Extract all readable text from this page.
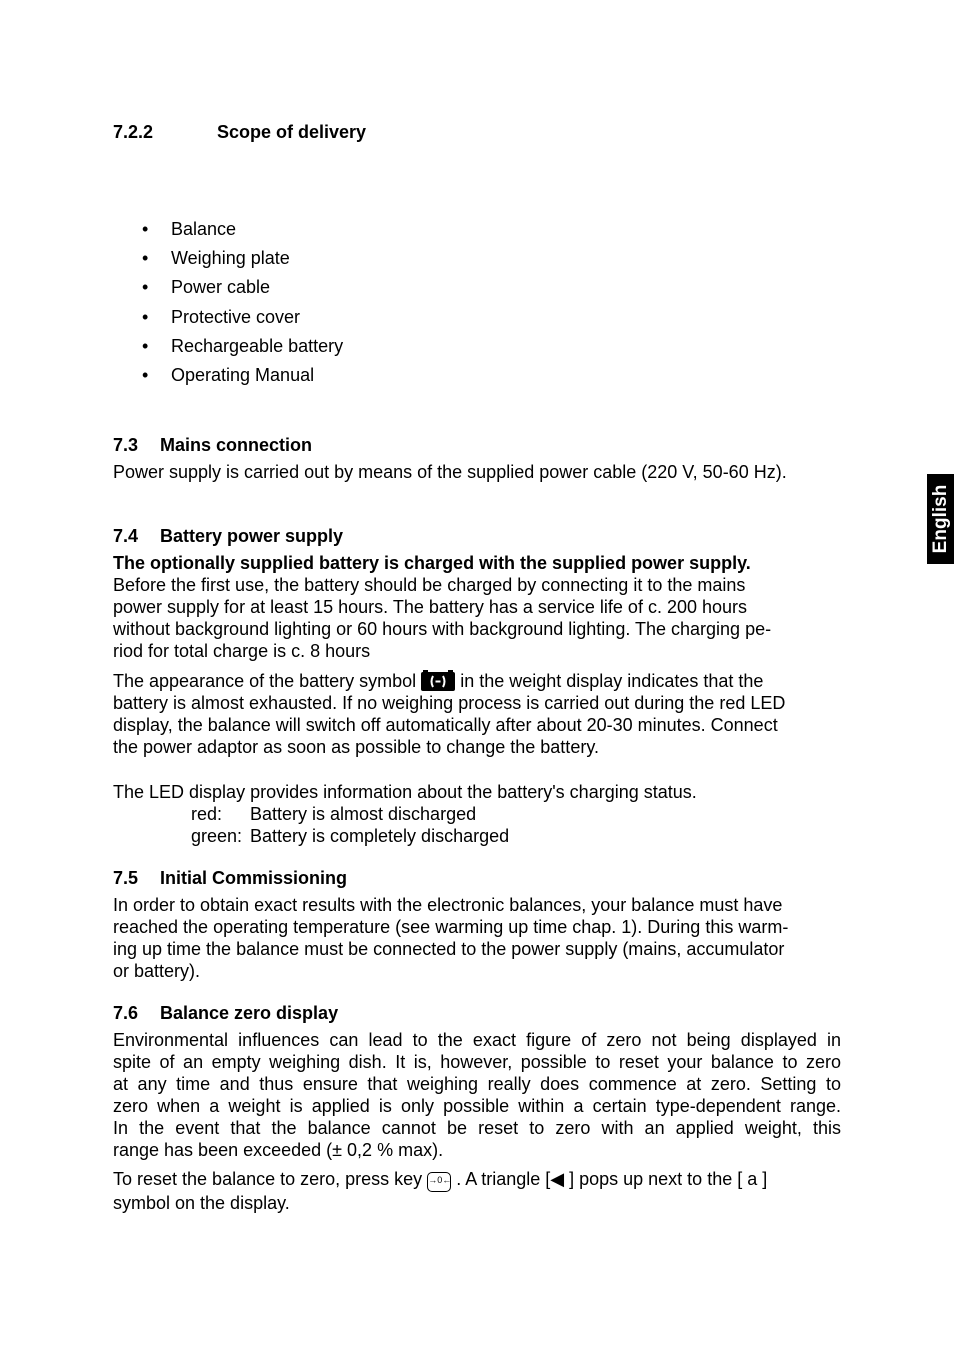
English
7.2.2	Scope of delivery
• Balance
• Weighing plate
• Power cable
• Protective cover
• Rechargeable battery
• Operating Manual
7.3 Mains connection
Power supply is carried out by means of the supplied power cable (220 V, 50-60 Hz).
7.4 Battery power supply
The optionally supplied battery is charged with the supplied power supply.
Before the first use, the battery should be charged by connecting it to the mains
power supply for at least 15 hours. The battery has a service life of c. 200 hours
without background lighting or 60 hours with background lighting. The charging pe-
riod for total charge is c. 8 hours
The appearance of the battery symbol
in the weight display indicates that the
battery is almost exhausted. If no weighing process is carried out during the red LED
display, the balance will switch off automatically after about 20-30 minutes. Connect
the power adaptor as soon as possible to change the battery.
The LED display provides information about the battery's charging status.
red: Battery is almost discharged
green: Battery is completely discharged
7.5 Initial Commissioning
In order to obtain exact results with the electronic balances, your balance must have
reached the operating temperature (see warming up time chap. 1). During this warm-
ing up time the balance must be connected to the power supply (mains, accumulator
or battery).
7.6 Balance zero display
Environmental influences can lead to the exact figure of zero not being displayed in
spite of an empty weighing dish. It is, however, possible to reset your balance to zero
at any time and thus ensure that weighing really does commence at zero. Setting to
zero when a weight is applied is only possible within a certain type-dependent range.
In the event that the balance cannot be reset to zero with an applied weight, this
range has been exceeded (± 0,2 % max).
To reset the balance to zero, press key →0← . A triangle [◀ ] pops up next to the [ a ]
symbol on the display.
